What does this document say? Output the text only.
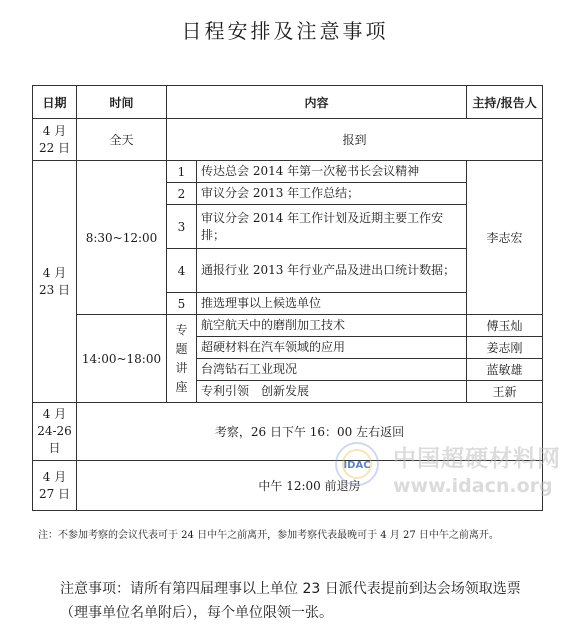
日程安排及注意事项
日期	时间	内容		主持/报告人
4 月 22 日	全天	报到		
4 月 23 日	8:30~12:00	1	传达总会 2014 年第一次秘书长会议精神	李志宏
		2	审议分会 2013 年工作总结；	
		3	审议分会 2014 年工作计划及近期主要工作安排；	
		4	通报行业 2013 年行业产品及进出口统计数据；	
		5	推选理事以上候选单位	
	14:00~18:00	专 题 讲 座	航空航天中的磨削加工技术	傅玉灿
			超硬材料在汽车领域的应用	姜志刚
			台湾钻石工业现况	蓝敏雄
			专利引领　创新发展	王新
4 月 24-26 日	考察，26 日下午 16：00 左右返回			
4 月 27 日	中午 12:00 前退房			
注：不参加考察的会议代表可于 24 日中午之前离开，参加考察代表最晚可于 4 月 27 日中午之前离开。
注意事项：请所有第四届理事以上单位 23 日派代表提前到达会场领取选票（理事单位名单附后），每个单位限领一张。
IDAC 中国超硬材料网
www.idacn.org
